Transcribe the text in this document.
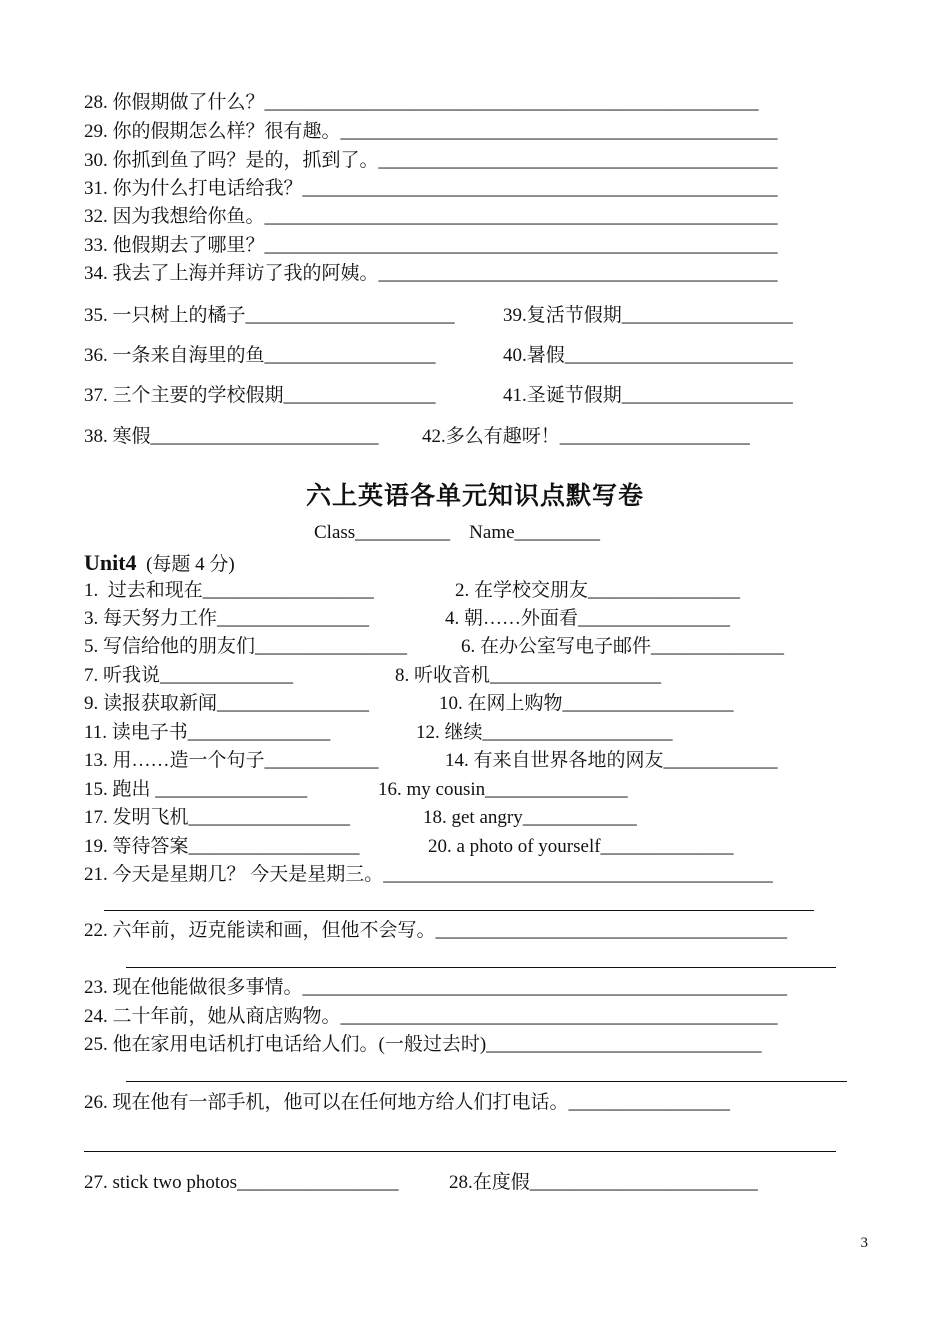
28. 你假期做了什么？____________________________________________________
29. 你的假期怎么样？很有趣。______________________________________________
30. 你抓到鱼了吗？是的，抓到了。__________________________________________
31. 你为什么打电话给我？__________________________________________________
32. 因为我想给你鱼。______________________________________________________
33. 他假期去了哪里？______________________________________________________
34. 我去了上海并拜访了我的阿姨。__________________________________________
35. 一只树上的橘子______________________	39.复活节假期__________________
36. 一条来自海里的鱼__________________	40.暑假________________________
37. 三个主要的学校假期________________	41.圣诞节假期__________________
38. 寒假________________________ 42.多么有趣呀！____________________
六上英语各单元知识点默写卷
Class__________    Name_________
Unit4 (每题 4 分)
1.  过去和现在__________________	2. 在学校交朋友________________
3. 每天努力工作________________	4. 朝……外面看________________
5. 写信给他的朋友们________________	6. 在办公室写电子邮件______________
7. 听我说______________	8. 听收音机__________________
9. 读报获取新闻________________	10. 在网上购物__________________
11. 读电子书_______________	12. 继续____________________
13. 用……造一个句子____________	14. 有来自世界各地的网友____________
15. 跑出 ________________	16. my cousin_______________
17. 发明飞机_________________	18. get angry____________
19. 等待答案__________________	20. a photo of yourself______________
21. 今天是星期几？ 今天是星期三。_________________________________________
22. 六年前，迈克能读和画，但他不会写。_____________________________________
23. 现在他能做很多事情。___________________________________________________
24. 二十年前，她从商店购物。______________________________________________
25. 他在家用电话机打电话给人们。(一般过去时)_____________________________
26. 现在他有一部手机，他可以在任何地方给人们打电话。_________________
27. stick two photos_________________	28.在度假________________________
3
